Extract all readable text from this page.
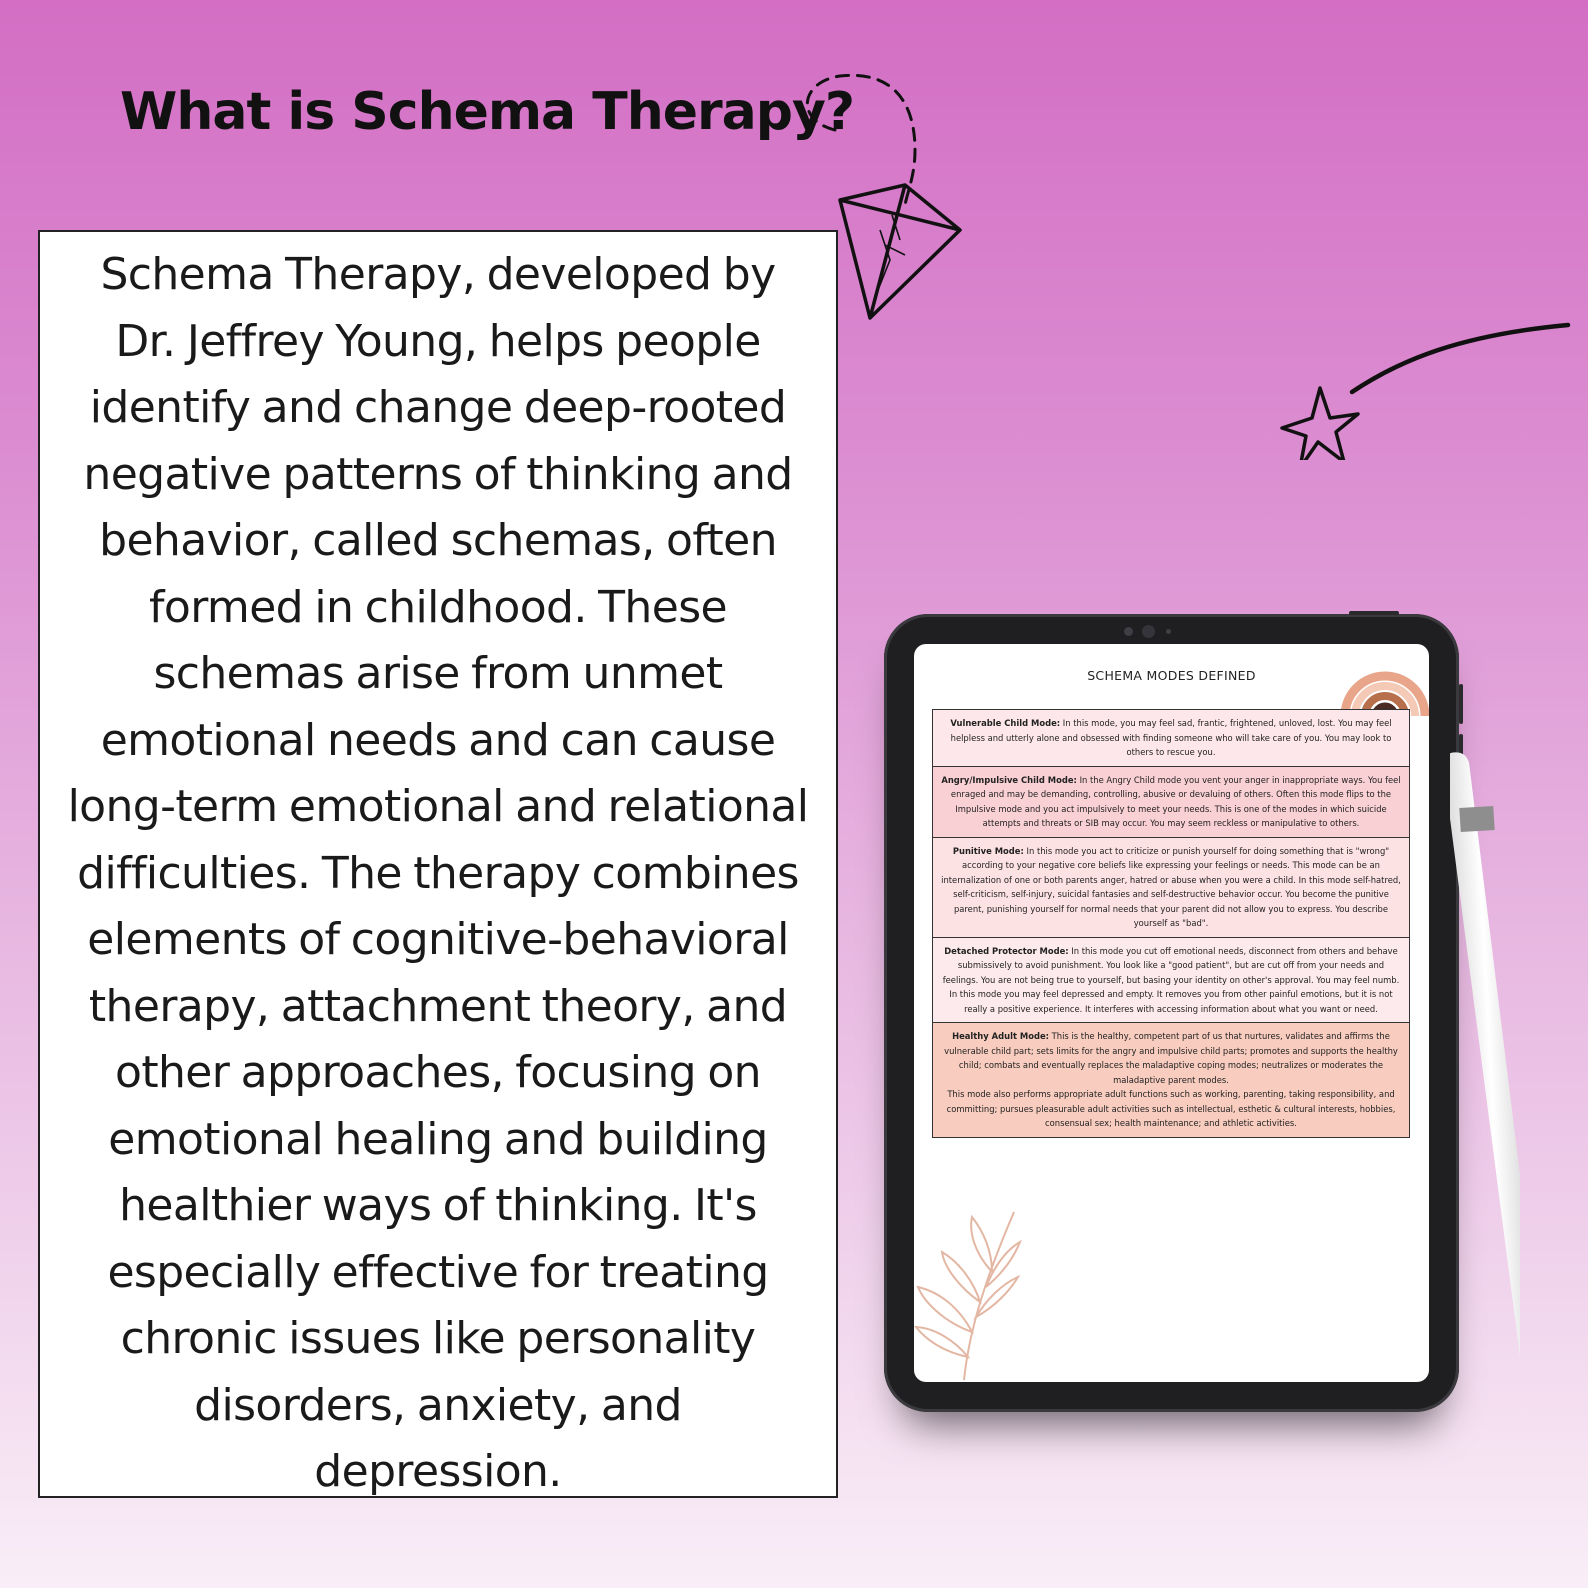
What is Schema Therapy?

Schema Therapy, developed by
Dr. Jeffrey Young, helps people
identify and change deep-rooted
negative patterns of thinking and
behavior, called schemas, often
formed in childhood. These
schemas arise from unmet
emotional needs and can cause
long-term emotional and relational
difficulties. The therapy combines
elements of cognitive-behavioral
therapy, attachment theory, and
other approaches, focusing on
emotional healing and building
healthier ways of thinking. It's
especially effective for treating
chronic issues like personality
disorders, anxiety, and
depression.

SCHEMA MODES DEFINED

Vulnerable Child Mode: In this mode, you may feel sad, frantic, frightened, unloved, lost. You may feel helpless and utterly alone and obsessed with finding someone who will take care of you. You may look to others to rescue you.
Angry/Impulsive Child Mode: In the Angry Child mode you vent your anger in inappropriate ways. You feel enraged and may be demanding, controlling, abusive or devaluing of others. Often this mode flips to the Impulsive mode and you act impulsively to meet your needs. This is one of the modes in which suicide attempts and threats or SIB may occur. You may seem reckless or manipulative to others.
Punitive Mode: In this mode you act to criticize or punish yourself for doing something that is "wrong" according to your negative core beliefs like expressing your feelings or needs. This mode can be an internalization of one or both parents anger, hatred or abuse when you were a child. In this mode self-hatred, self-criticism, self-injury, suicidal fantasies and self-destructive behavior occur. You become the punitive parent, punishing yourself for normal needs that your parent did not allow you to express. You describe yourself as "bad".
Detached Protector Mode: In this mode you cut off emotional needs, disconnect from others and behave submissively to avoid punishment. You look like a "good patient", but are cut off from your needs and feelings. You are not being true to yourself, but basing your identity on other's approval. You may feel numb. In this mode you may feel depressed and empty. It removes you from other painful emotions, but it is not really a positive experience. It interferes with accessing information about what you want or need.
Healthy Adult Mode: This is the healthy, competent part of us that nurtures, validates and affirms the vulnerable child part; sets limits for the angry and impulsive child parts; promotes and supports the healthy child; combats and eventually replaces the maladaptive coping modes; neutralizes or moderates the maladaptive parent modes.
This mode also performs appropriate adult functions such as working, parenting, taking responsibility, and committing; pursues pleasurable adult activities such as intellectual, esthetic & cultural interests, hobbies, consensual sex; health maintenance; and athletic activities.
